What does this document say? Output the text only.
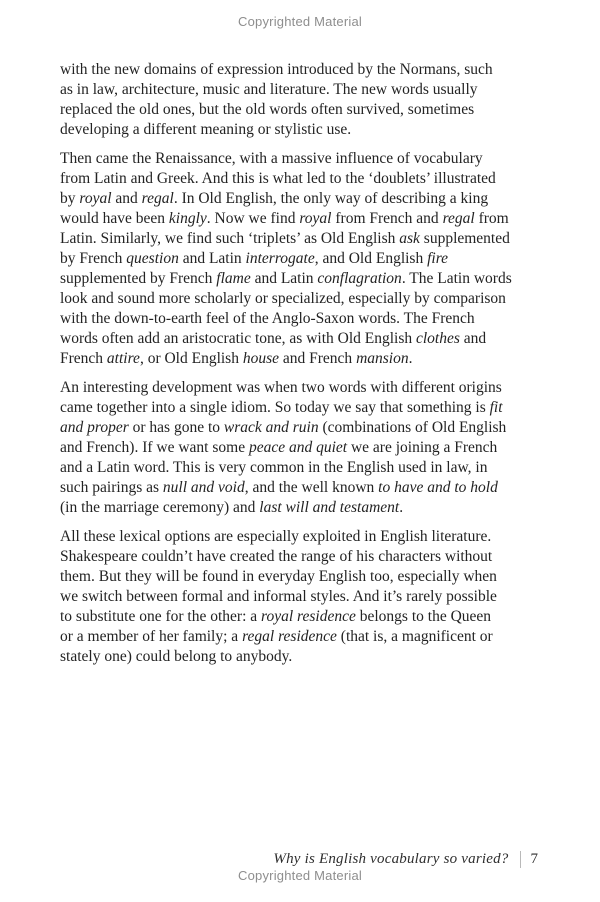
Copyrighted Material
with the new domains of expression introduced by the Normans, such
as in law, architecture, music and literature. The new words usually
replaced the old ones, but the old words often survived, sometimes
developing a different meaning or stylistic use.
Then came the Renaissance, with a massive influence of vocabulary
from Latin and Greek. And this is what led to the ‘doublets’ illustrated
by royal and regal. In Old English, the only way of describing a king
would have been kingly. Now we find royal from French and regal from
Latin. Similarly, we find such ‘triplets’ as Old English ask supplemented
by French question and Latin interrogate, and Old English fire
supplemented by French flame and Latin conflagration. The Latin words
look and sound more scholarly or specialized, especially by comparison
with the down-to-earth feel of the Anglo-Saxon words. The French
words often add an aristocratic tone, as with Old English clothes and
French attire, or Old English house and French mansion.
An interesting development was when two words with different origins
came together into a single idiom. So today we say that something is fit
and proper or has gone to wrack and ruin (combinations of Old English
and French). If we want some peace and quiet we are joining a French
and a Latin word. This is very common in the English used in law, in
such pairings as null and void, and the well known to have and to hold
(in the marriage ceremony) and last will and testament.
All these lexical options are especially exploited in English literature.
Shakespeare couldn’t have created the range of his characters without
them. But they will be found in everyday English too, especially when
we switch between formal and informal styles. And it’s rarely possible
to substitute one for the other: a royal residence belongs to the Queen
or a member of her family; a regal residence (that is, a magnificent or
stately one) could belong to anybody.
Why is English vocabulary so varied? 7
Copyrighted Material
